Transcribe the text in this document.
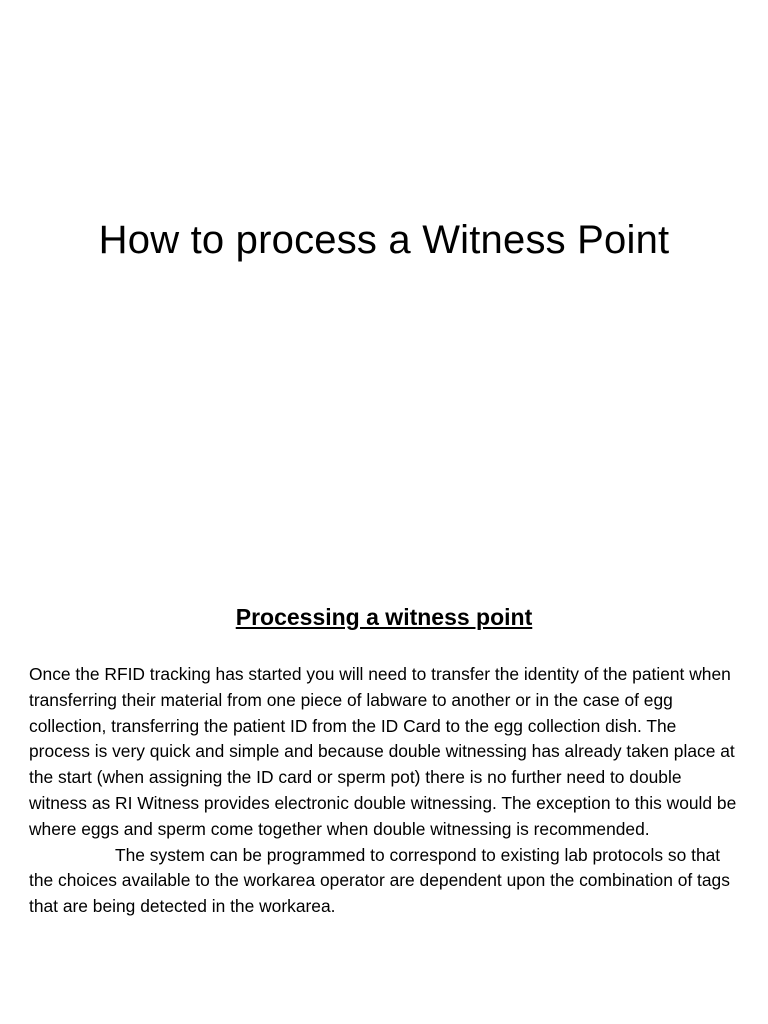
How to process a Witness Point
Processing a witness point

Once the RFID tracking has started you will need to transfer the identity of the patient when transferring their material from one piece of labware to another or in the case of egg collection, transferring the patient ID from the ID Card to the egg collection dish. The process is very quick and simple and because double witnessing has already taken place at the start (when assigning the ID card or sperm pot) there is no further need to double witness as RI Witness provides electronic double witnessing. The exception to this would be where eggs and sperm come together when double witnessing is recommended.

The system can be programmed to correspond to existing lab protocols so that the choices available to the workarea operator are dependent upon the combination of tags that are being detected in the workarea.
